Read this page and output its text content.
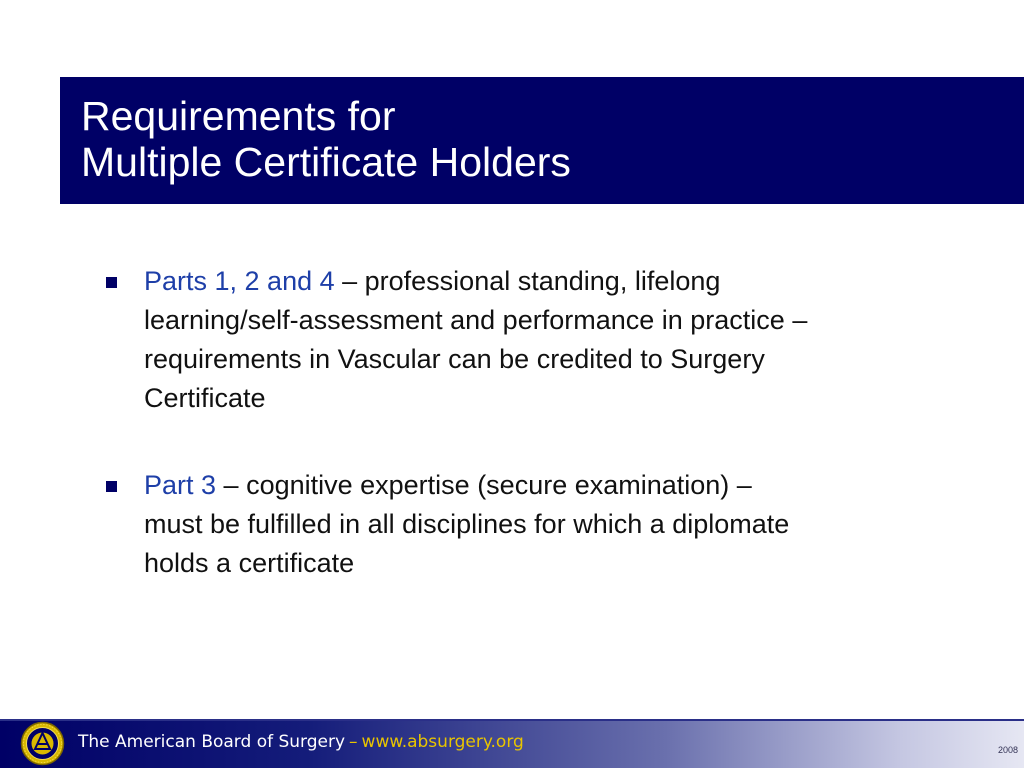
Requirements for
Multiple Certificate Holders
Parts 1, 2 and 4 – professional standing, lifelong
learning/self-assessment and performance in practice –
requirements in Vascular can be credited to Surgery
Certificate
Part 3 – cognitive expertise (secure examination) –
must be fulfilled in all disciplines for which a diplomate
holds a certificate
The American Board of Surgery – www.absurgery.org	2008
